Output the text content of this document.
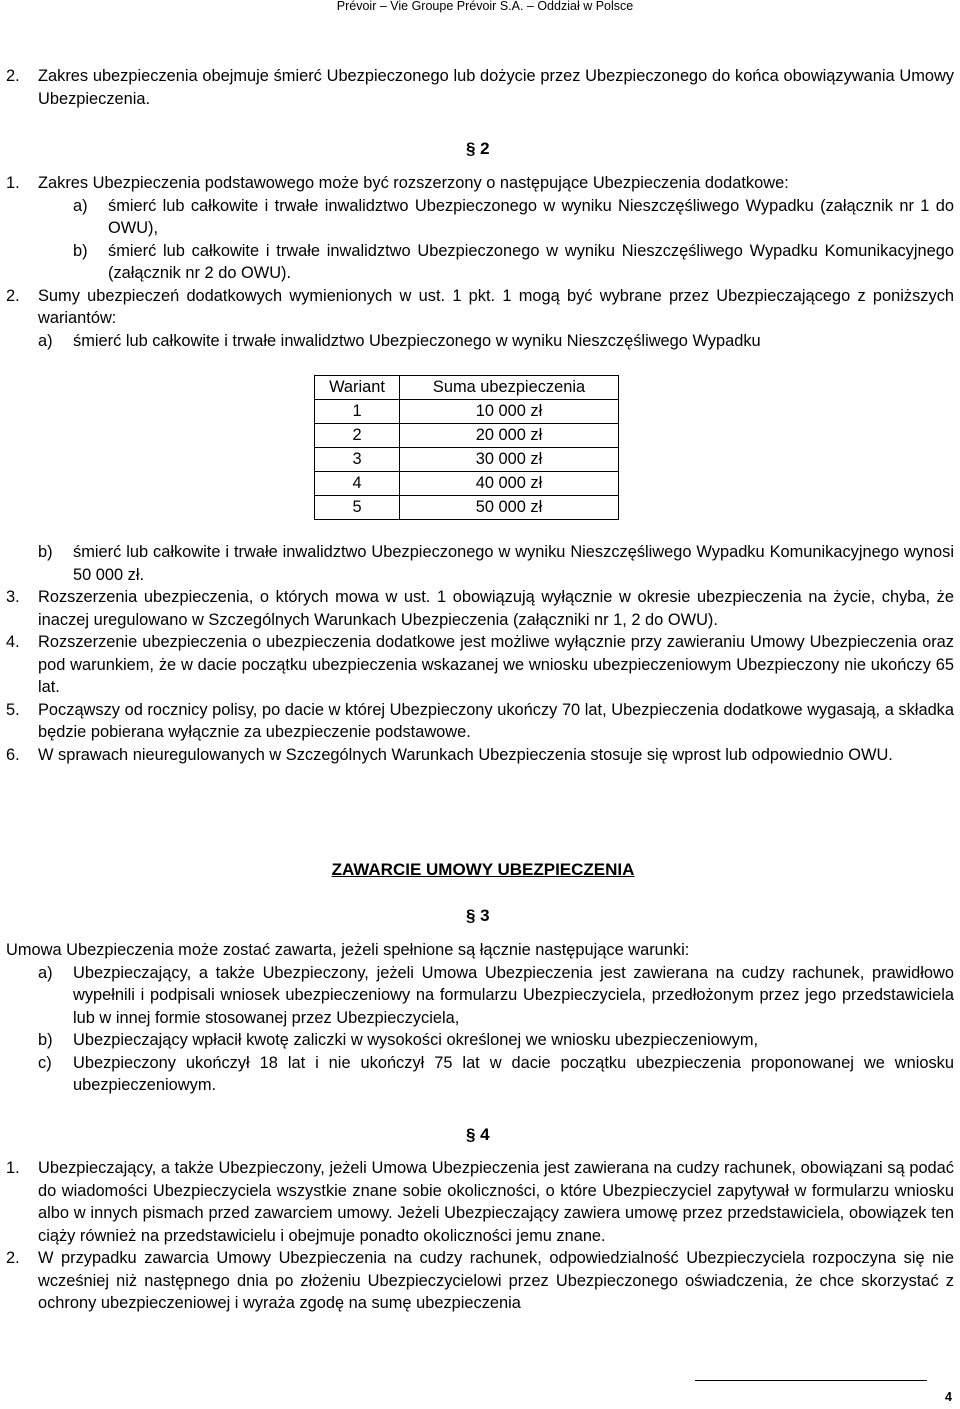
Prévoir – Vie Groupe Prévoir S.A. – Oddział w Polsce
2. Zakres ubezpieczenia obejmuje śmierć Ubezpieczonego lub dożycie przez Ubezpieczonego do końca obowiązywania Umowy Ubezpieczenia.
§ 2
1. Zakres Ubezpieczenia podstawowego może być rozszerzony o następujące Ubezpieczenia dodatkowe:
a) śmierć lub całkowite i trwałe inwalidztwo Ubezpieczonego w wyniku Nieszczęśliwego Wypadku (załącznik nr 1 do OWU),
b) śmierć lub całkowite i trwałe inwalidztwo Ubezpieczonego w wyniku Nieszczęśliwego Wypadku Komunikacyjnego (załącznik nr 2 do OWU).
2. Sumy ubezpieczeń dodatkowych wymienionych w ust. 1 pkt. 1 mogą być wybrane przez Ubezpieczającego z poniższych wariantów:
a) śmierć lub całkowite i trwałe inwalidztwo Ubezpieczonego w wyniku Nieszczęśliwego Wypadku
Wariant	Suma ubezpieczenia
1	10 000 zł
2	20 000 zł
3	30 000 zł
4	40 000 zł
5	50 000 zł
b) śmierć lub całkowite i trwałe inwalidztwo Ubezpieczonego w wyniku Nieszczęśliwego Wypadku Komunikacyjnego wynosi 50 000 zł.
3. Rozszerzenia ubezpieczenia, o których mowa w ust. 1 obowiązują wyłącznie w okresie ubezpieczenia na życie, chyba, że inaczej uregulowano w Szczególnych Warunkach Ubezpieczenia (załączniki nr 1, 2 do OWU).
4. Rozszerzenie ubezpieczenia o ubezpieczenia dodatkowe jest możliwe wyłącznie przy zawieraniu Umowy Ubezpieczenia oraz pod warunkiem, że w dacie początku ubezpieczenia wskazanej we wniosku ubezpieczeniowym Ubezpieczony nie ukończy 65 lat.
5. Począwszy od rocznicy polisy, po dacie w której Ubezpieczony ukończy 70 lat, Ubezpieczenia dodatkowe wygasają, a składka będzie pobierana wyłącznie za ubezpieczenie podstawowe.
6. W sprawach nieuregulowanych w Szczególnych Warunkach Ubezpieczenia stosuje się wprost lub odpowiednio OWU.
ZAWARCIE UMOWY UBEZPIECZENIA
§ 3
Umowa Ubezpieczenia może zostać zawarta, jeżeli spełnione są łącznie następujące warunki:
a) Ubezpieczający, a także Ubezpieczony, jeżeli Umowa Ubezpieczenia jest zawierana na cudzy rachunek, prawidłowo wypełnili i podpisali wniosek ubezpieczeniowy na formularzu Ubezpieczyciela, przedłożonym przez jego przedstawiciela lub w innej formie stosowanej przez Ubezpieczyciela,
b) Ubezpieczający wpłacił kwotę zaliczki w wysokości określonej we wniosku ubezpieczeniowym,
c) Ubezpieczony ukończył 18 lat i nie ukończył 75 lat w dacie początku ubezpieczenia proponowanej we wniosku ubezpieczeniowym.
§ 4
1. Ubezpieczający, a także Ubezpieczony, jeżeli Umowa Ubezpieczenia jest zawierana na cudzy rachunek, obowiązani są podać do wiadomości Ubezpieczyciela wszystkie znane sobie okoliczności, o które Ubezpieczyciel zapytywał w formularzu wniosku albo w innych pismach przed zawarciem umowy. Jeżeli Ubezpieczający zawiera umowę przez przedstawiciela, obowiązek ten ciąży również na przedstawicielu i obejmuje ponadto okoliczności jemu znane.
2. W przypadku zawarcia Umowy Ubezpieczenia na cudzy rachunek, odpowiedzialność Ubezpieczyciela rozpoczyna się nie wcześniej niż następnego dnia po złożeniu Ubezpieczycielowi przez Ubezpieczonego oświadczenia, że chce skorzystać z ochrony ubezpieczeniowej i wyraża zgodę na sumę ubezpieczenia
4
